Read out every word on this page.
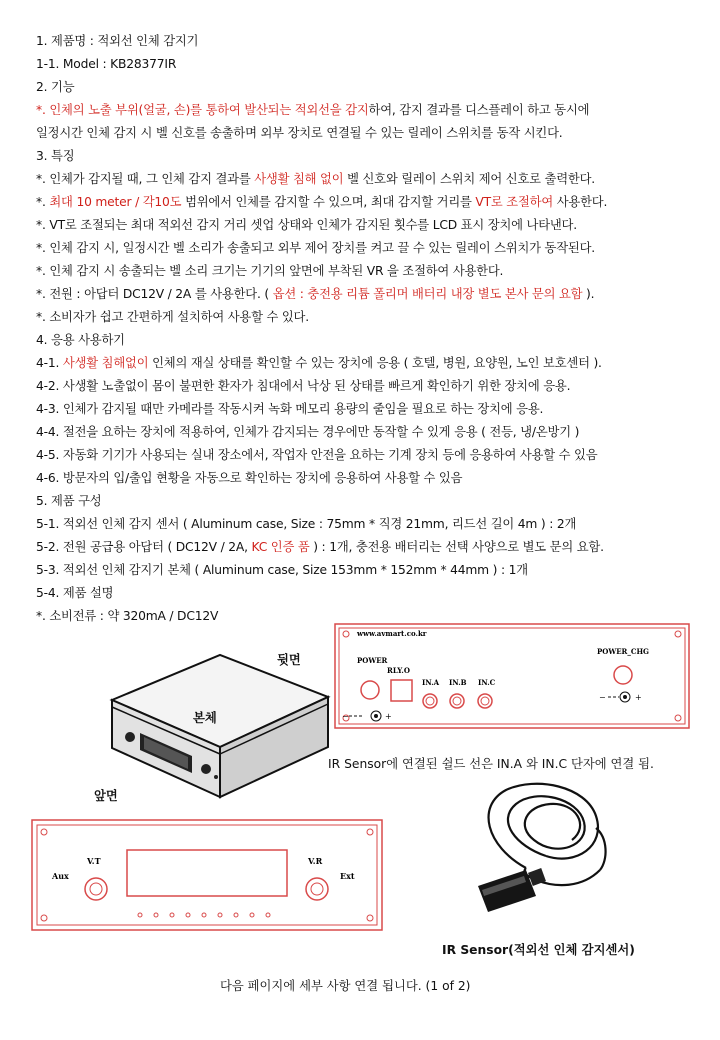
1. 제품명 : 적외선 인체 감지기
1-1. Model : KB28377IR
2. 기능
*. 인체의 노출 부위(얼굴, 손)를 통하여 발산되는 적외선을 감지하여, 감지 결과를 디스플레이 하고 동시에
일정시간 인체 감지 시 벨 신호를 송출하며 외부 장치로 연결될 수 있는 릴레이 스위치를 동작 시킨다.
3. 특징
*. 인체가 감지될 때, 그 인체 감지 결과를 사생활 침해 없이 벨 신호와 릴레이 스위치 제어 신호로 출력한다.
*. 최대 10 meter / 각10도 범위에서 인체를 감지할 수 있으며, 최대 감지할 거리를 VT로 조절하여 사용한다.
*. VT로 조절되는 최대 적외선 감지 거리 셋업 상태와 인체가 감지된 횟수를 LCD 표시 장치에 나타낸다.
*. 인체 감지 시, 일정시간 벨 소리가 송출되고 외부 제어 장치를 켜고 끌 수 있는 릴레이 스위치가 동작된다.
*. 인체 감지 시 송출되는 벨 소리 크기는 기기의 앞면에 부착된 VR 을 조절하여 사용한다.
*. 전원 : 아답터 DC12V / 2A 를 사용한다. ( 옵션 : 충전용 리튬 폴리머 배터리 내장 별도 본사 문의 요함 ).
*. 소비자가 쉽고 간편하게 설치하여 사용할 수 있다.
4. 응용 사용하기
4-1. 사생활 침해없이 인체의 재실 상태를 확인할 수 있는 장치에 응용 ( 호텔, 병원, 요양원, 노인 보호센터 ).
4-2. 사생활 노출없이 몸이 불편한 환자가 침대에서 낙상 된 상태를 빠르게 확인하기 위한 장치에 응용.
4-3. 인체가 감지될 때만 카메라를 작동시켜 녹화 메모리 용량의 줄임을 필요로 하는 장치에 응용.
4-4. 절전을 요하는 장치에 적용하여, 인체가 감지되는 경우에만 동작할 수 있게 응용 ( 전등, 냉/온방기 )
4-5. 자동화 기기가 사용되는 실내 장소에서, 작업자 안전을 요하는 기계 장치 등에 응용하여 사용할 수 있음
4-6. 방문자의 입/출입 현황을 자동으로 확인하는 장치에 응용하여 사용할 수 있음
5. 제품 구성
5-1. 적외선 인체 감지 센서 ( Aluminum case, Size : 75mm * 직경 21mm, 리드선 길이 4m ) : 2개
5-2. 전원 공급용 아답터 ( DC12V / 2A, KC 인증 품 ) : 1개, 충전용 배터리는 선택 사양으로 별도 문의 요함.
5-3. 적외선 인체 감지기 본체 ( Aluminum case, Size 153mm * 152mm * 44mm ) : 1개
5-4. 제품 설명
*. 소비전류 : 약 320mA / DC12V
뒷면
본체
앞면
www.avmart.co.kr
POWER
RLY.O
IN.A IN.B IN.C
POWER_CHG
+
−
+
−
IR Sensor에 연결된 쉴드 선은 IN.A 와 IN.C 단자에 연결 됨.
Aux
V.T	V.R
Ext
IR Sensor(적외선 인체 감지센서)
다음 페이지에 세부 사항 연결 됩니다. (1 of 2)
